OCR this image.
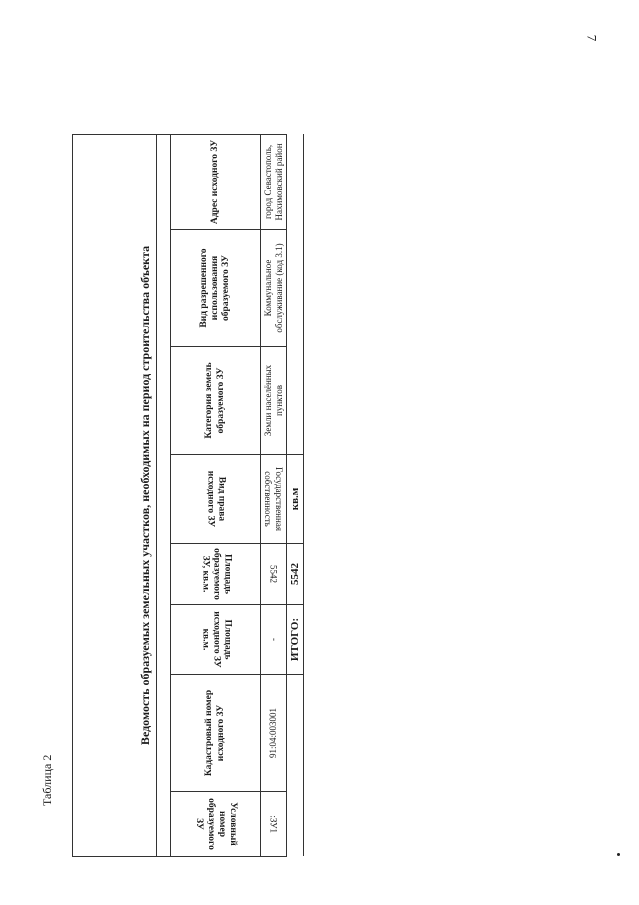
7
Таблица 2
Ведомость образуемых земельных участков, необходимых на период строительства объекта							

Условный номер образуемого ЗУ	Кадастровый номер исходного ЗУ	Площадь исходного ЗУ кв.м.	Площадь образуемого ЗУ, кв.м.	Вид права исходного ЗУ	Категория земель образуемого ЗУ	Вид разрешенного использования образуемого ЗУ	Адрес исходного ЗУ
:ЗУ1	91:04:003001	-	5542	Государственная собственность	Земли населённых пунктов	Коммунальное обслуживание (код 3.1)	город Севастополь, Нахимовский район
		ИТОГО:	5542	кв.м			
